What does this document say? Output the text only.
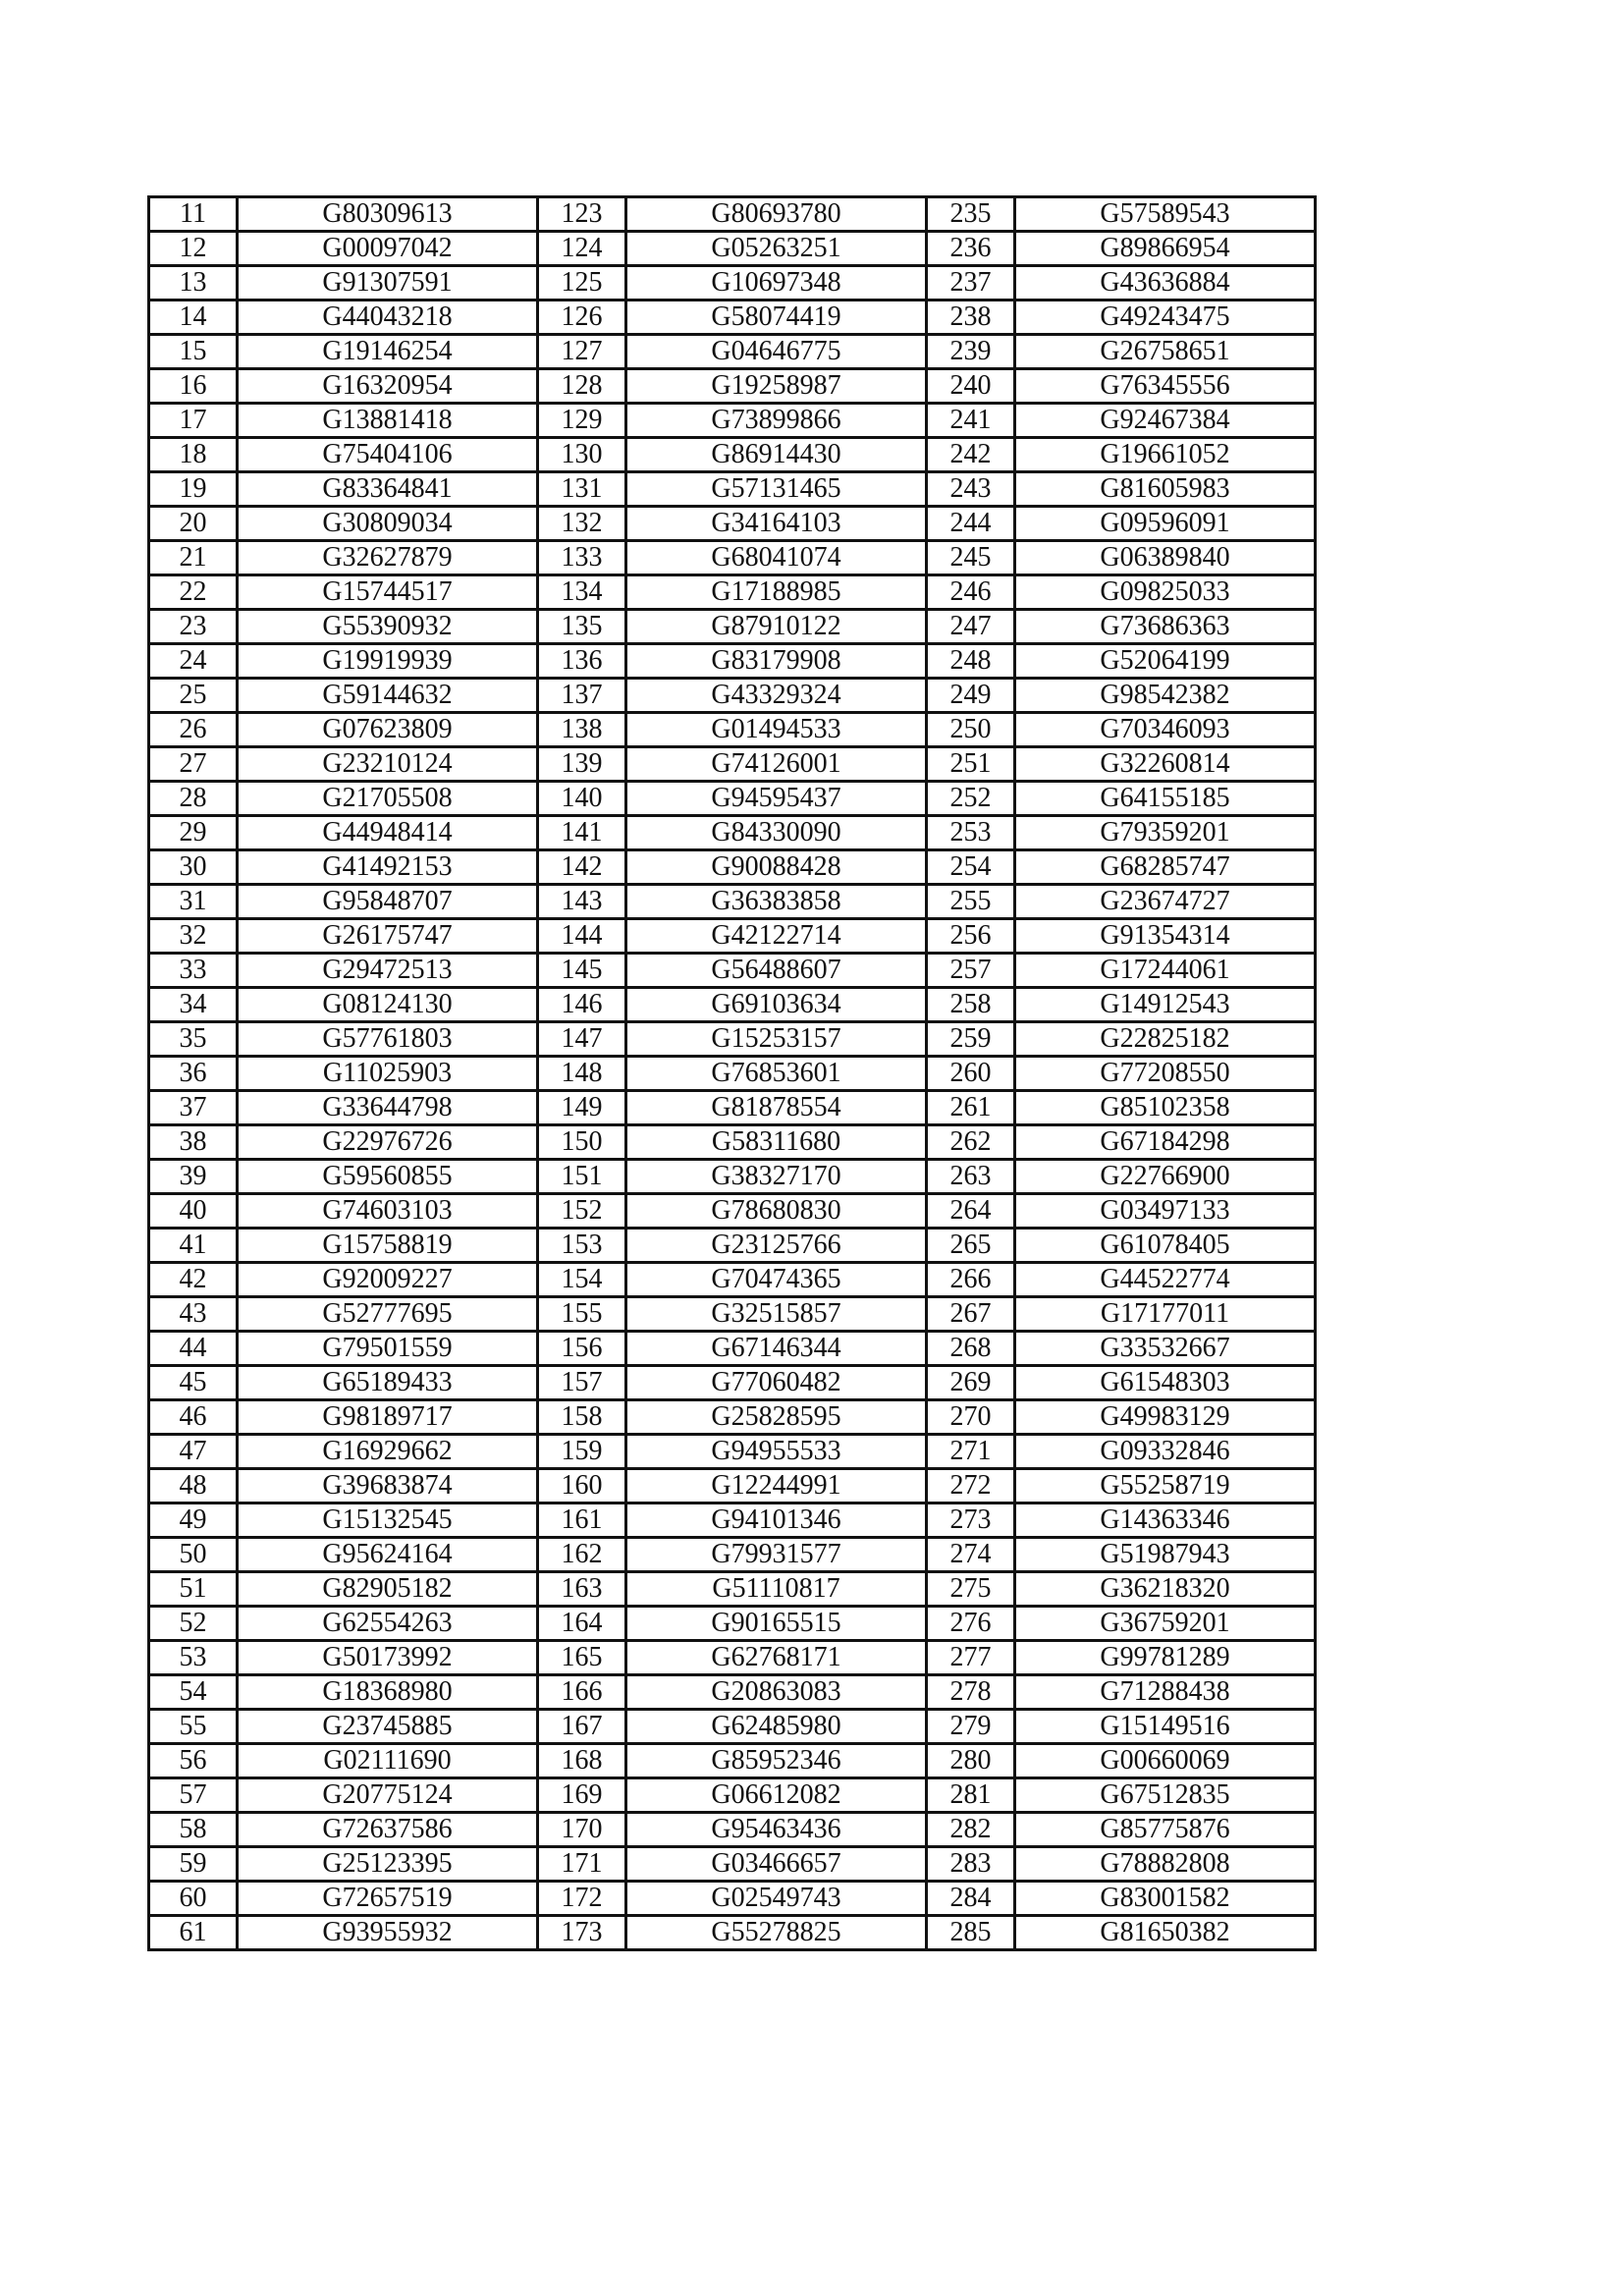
11	G80309613	123	G80693780	235	G57589543
12	G00097042	124	G05263251	236	G89866954
13	G91307591	125	G10697348	237	G43636884
14	G44043218	126	G58074419	238	G49243475
15	G19146254	127	G04646775	239	G26758651
16	G16320954	128	G19258987	240	G76345556
17	G13881418	129	G73899866	241	G92467384
18	G75404106	130	G86914430	242	G19661052
19	G83364841	131	G57131465	243	G81605983
20	G30809034	132	G34164103	244	G09596091
21	G32627879	133	G68041074	245	G06389840
22	G15744517	134	G17188985	246	G09825033
23	G55390932	135	G87910122	247	G73686363
24	G19919939	136	G83179908	248	G52064199
25	G59144632	137	G43329324	249	G98542382
26	G07623809	138	G01494533	250	G70346093
27	G23210124	139	G74126001	251	G32260814
28	G21705508	140	G94595437	252	G64155185
29	G44948414	141	G84330090	253	G79359201
30	G41492153	142	G90088428	254	G68285747
31	G95848707	143	G36383858	255	G23674727
32	G26175747	144	G42122714	256	G91354314
33	G29472513	145	G56488607	257	G17244061
34	G08124130	146	G69103634	258	G14912543
35	G57761803	147	G15253157	259	G22825182
36	G11025903	148	G76853601	260	G77208550
37	G33644798	149	G81878554	261	G85102358
38	G22976726	150	G58311680	262	G67184298
39	G59560855	151	G38327170	263	G22766900
40	G74603103	152	G78680830	264	G03497133
41	G15758819	153	G23125766	265	G61078405
42	G92009227	154	G70474365	266	G44522774
43	G52777695	155	G32515857	267	G17177011
44	G79501559	156	G67146344	268	G33532667
45	G65189433	157	G77060482	269	G61548303
46	G98189717	158	G25828595	270	G49983129
47	G16929662	159	G94955533	271	G09332846
48	G39683874	160	G12244991	272	G55258719
49	G15132545	161	G94101346	273	G14363346
50	G95624164	162	G79931577	274	G51987943
51	G82905182	163	G51110817	275	G36218320
52	G62554263	164	G90165515	276	G36759201
53	G50173992	165	G62768171	277	G99781289
54	G18368980	166	G20863083	278	G71288438
55	G23745885	167	G62485980	279	G15149516
56	G02111690	168	G85952346	280	G00660069
57	G20775124	169	G06612082	281	G67512835
58	G72637586	170	G95463436	282	G85775876
59	G25123395	171	G03466657	283	G78882808
60	G72657519	172	G02549743	284	G83001582
61	G93955932	173	G55278825	285	G81650382
